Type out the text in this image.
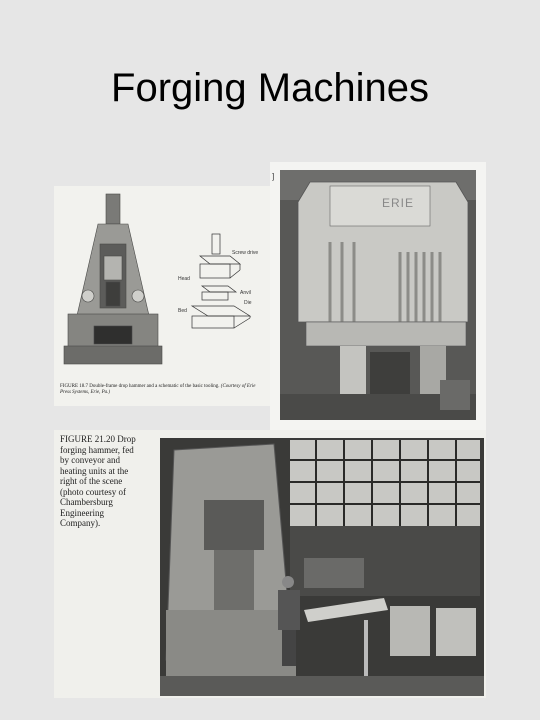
Forging Machines
Screw drive
Head
Anvil
Die
Bed
FIGURE 18.7 Double-frame drop hammer and a schematic of the basic tooling. (Courtesy of Erie Press Systems, Erie, Pa.)
ERIE
]
FIGURE 21.20 Drop forging hammer, fed by conveyor and heating units at the right of the scene (photo courtesy of Chambersburg Engineering Company).
